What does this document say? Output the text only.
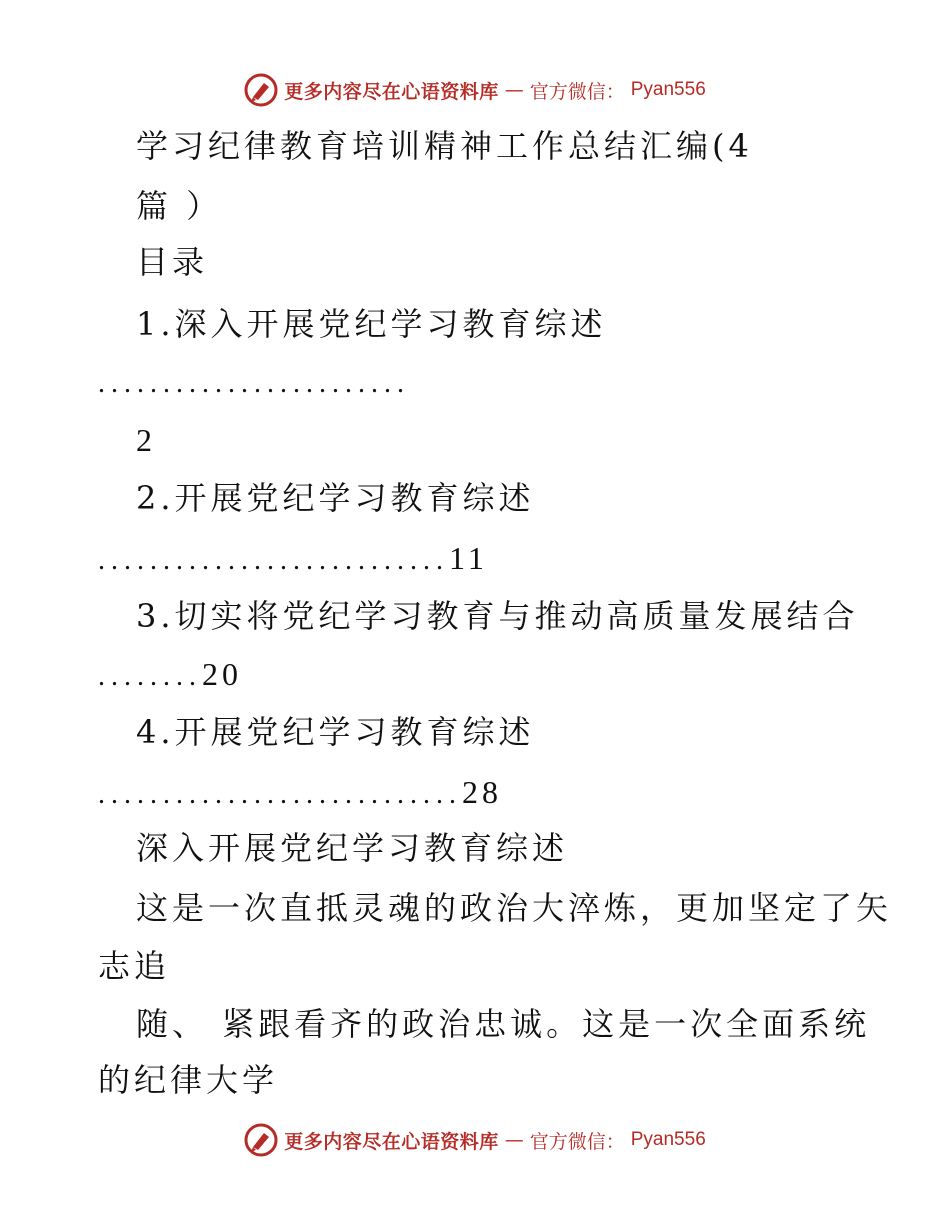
更多内容尽在心语资料库 — 官方微信： Pyan556
学习纪律教育培训精神工作总结汇编(4
篇 ）
目录
1.深入开展党纪学习教育综述
........................
2
2.开展党纪学习教育综述
...........................11
3.切实将党纪学习教育与推动高质量发展结合
........20
4.开展党纪学习教育综述
............................28
深入开展党纪学习教育综述
这是一次直抵灵魂的政治大淬炼，更加坚定了矢
志追
随、 紧跟看齐的政治忠诚。这是一次全面系统
的纪律大学
更多内容尽在心语资料库 — 官方微信： Pyan556
